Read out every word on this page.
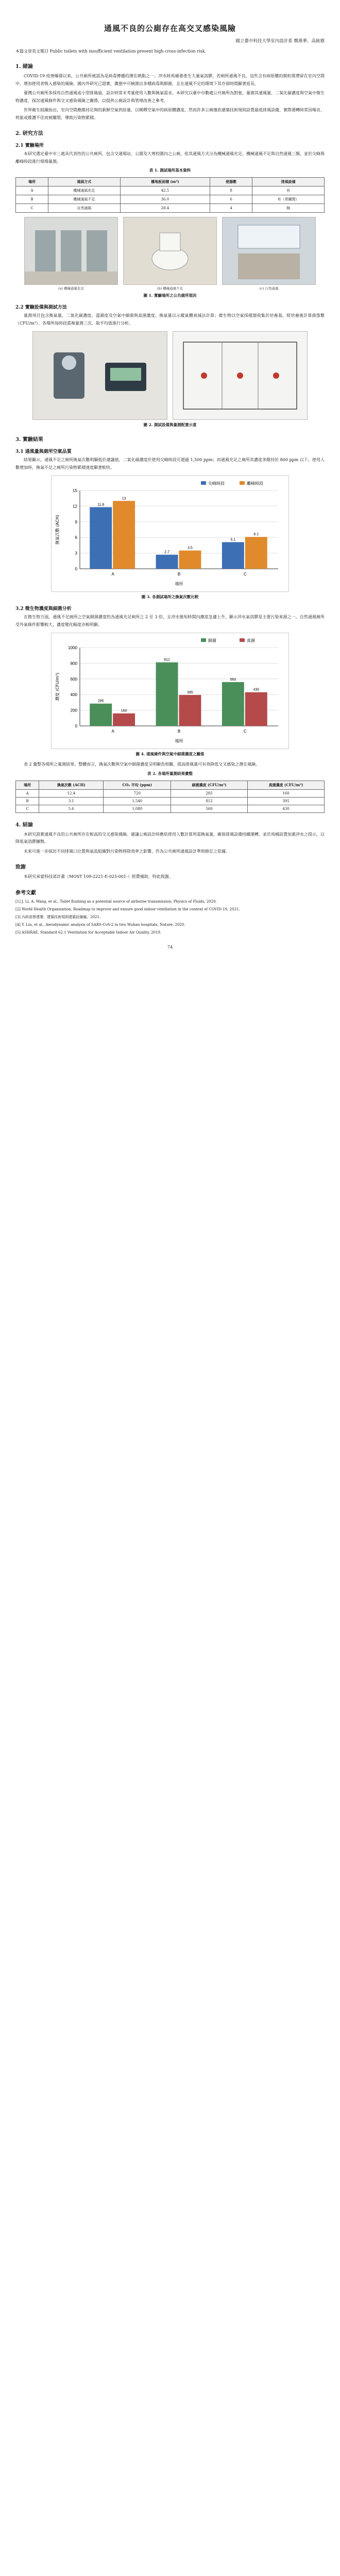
通風不良的公廁存在高交叉感染風險
國立臺中科技大學室內設計系 鄭燕華、高鉉德
本篇文章英文題目 Public toilets with insufficient ventilation present high cross-infection risk.
1. 緒論

COVID-19 疫情爆發以來，公共廁所被認為是病毒傳播的潛在熱點之一。沖水時馬桶會產生大量氣溶膠，若廁所通風不良，這些含有病原體的微粒將滯留在室內空間中，增加使用者吸入感染的風險。國內外研究已證實，糞便中可檢測出多種病毒與細菌，且在通風不足的環境下其存留時間顯著延長。

臺灣公共廁所多採用自然通風或小型排風扇，設計時常未考量使用人數與換氣需求。本研究以臺中市數處公共廁所為對象，量測其通風量、二氧化碳濃度與空氣中微生物濃度，探討通風條件與交叉感染風險之關係，以提供公廁設計與管理改善之參考。

世界衛生組織指出，室內空間應維持足夠的新鮮空氣供給量，以稀釋空氣中的病原體濃度。然而許多公廁僅依建築技術規則設置最低排風設備，實際運轉時常因噪音、耗能或維護不佳而被關閉，導致污染物累積。

2. 研究方法
2.1 實驗場所

本研究選定臺中市三處具代表性的公共廁所，包含交通場站、公園及大專校園內之公廁，依其通風方式分為機械通風充足、機械通風不足與自然通風三類，並於尖峰與離峰時段進行現場量測。

表 1. 測試場所基本資料
場所	通風方式	樓地板面積 (m²)	便器數	排風設備
A	機械通風充足	42.5	8	有
B	機械通風不足	36.0	6	有（常關閉）
C	自然通風	28.4	4	無
(a) 機械通風充足	(b) 機械通風不足	(c) 自然通風
圖 1. 實驗場所之公共廁所現況
2.2 實驗設備與測試方法

量測項目包含換氣量、二氧化碳濃度、溫濕度及空氣中細菌與真菌濃度。換氣量以示蹤氣體衰減法計算；微生物以空氣採樣器收集於培養基，經培養後計算菌落數（CFU/m³）。各場所每時段重複量測三次，取平均值進行分析。

圖 2. 測試設備與量測配置示意
3. 實驗結果
3.1 通風量與廁所空氣品質

結果顯示，通風不足之廁所換氣次數明顯低於建議值，二氧化碳濃度於使用尖峰時段可超過 1,500 ppm；而通風充足之廁所其濃度多維持於 800 ppm 以下。使用人數增加時，換氣不足之廁所污染物累積速度顯著較快。

0
3
6
9
12
15
11.8
13
A
2.7
3.5
B
5.1
6.1
C
場所
換氣次數 (ACH)
尖峰時段	離峰時段
圖 3. 各測試場所之換氣次數比較
3.2 微生物濃度與細菌分析

在微生物方面，通風不足廁所之空氣細菌濃度約為通風充足廁所之 2 至 3 倍，且沖水後短時間內濃度急遽上升，顯示沖水氣溶膠是主要污染來源之一。自然通風廁所受外氣條件影響較大，濃度變化幅度亦較明顯。

0
200
400
600
800
1000
285
160
A
812
395
B
560
430
C
場所
濃度 (CFU/m³)
細菌	真菌
圖 4. 通風條件與空氣中細菌濃度之關係

表 2 彙整各場所之量測結果。整體而言，換氣次數與空氣中細菌濃度呈明顯負相關，提高排風量可有效降低交叉感染之潛在風險。

表 2. 各場所量測結果彙整
場所	換氣次數 (ACH)	CO₂ 平均 (ppm)	細菌濃度 (CFU/m³)	真菌濃度 (CFU/m³)
A	12.4	720	285	160
B	3.1	1,540	812	395
C	5.6	1,080	560	430
4. 結論

本研究證實通風不良的公共廁所存在較高的交叉感染風險。建議公廁設計時應依使用人數計算所需換氣量，確保排風設備持續運轉，並於馬桶設置加蓋沖水之提示，以降低氣溶膠擴散。

未來可進一步探討不同排風口位置與氣流組織對污染物移除效率之影響，作為公共廁所通風設計準則修訂之依據。

致謝

本研究承蒙科技部計畫（MOST 109-2221-E-025-001-）經費補助，特此致謝。

參考文獻

[1] J. Li, A. Wang, et al., Toilet flushing as a potential source of airborne transmission, Physics of Fluids, 2020.

[2] World Health Organization, Roadmap to improve and ensure good indoor ventilation in the context of COVID-19, 2021.

[3] 內政部營建署，建築技術規則建築設備編，2021。

[4] Y. Liu, et al., Aerodynamic analysis of SARS-CoV-2 in two Wuhan hospitals, Nature, 2020.

[5] ASHRAE, Standard 62.1 Ventilation for Acceptable Indoor Air Quality, 2019.

74
